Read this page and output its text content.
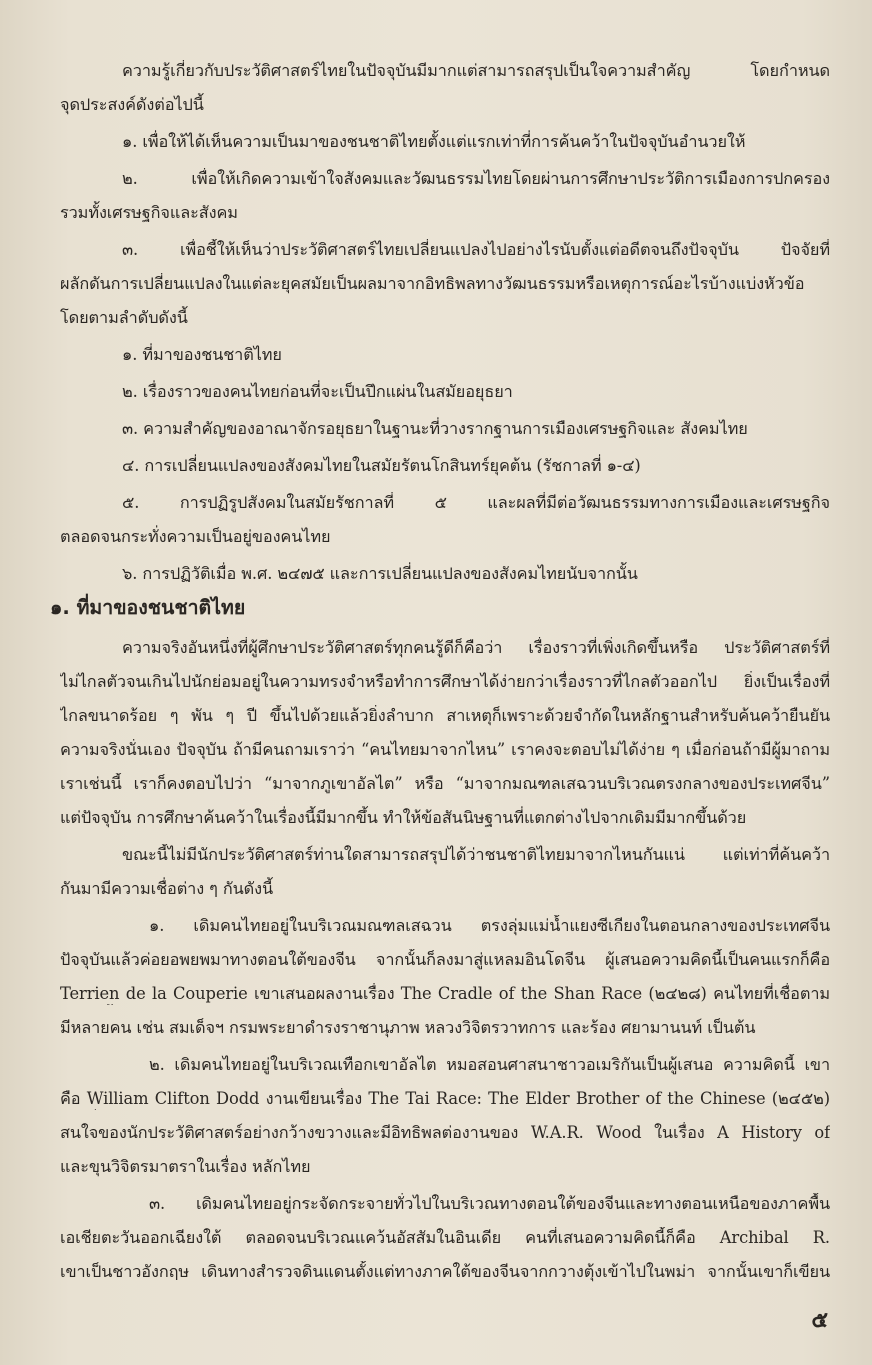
ความรู้เกี่ยวกับประวัติศาสตร์ไทยในปัจจุบันมีมากแต่สามารถสรุปเป็นใจความสำคัญ โดยกำหนด

จุดประสงค์ดังต่อไปนี้

๑. เพื่อให้ได้เห็นความเป็นมาของชนชาติไทยตั้งแต่แรกเท่าที่การค้นคว้าในปัจจุบันอำนวยให้

๒. เพื่อให้เกิดความเข้าใจสังคมและวัฒนธรรมไทยโดยผ่านการศึกษาประวัติการเมืองการปกครอง

รวมทั้งเศรษฐกิจและสังคม

๓. เพื่อชี้ให้เห็นว่าประวัติศาสตร์ไทยเปลี่ยนแปลงไปอย่างไรนับตั้งแต่อดีตจนถึงปัจจุบัน ปัจจัยที่

ผลักดันการเปลี่ยนแปลงในแต่ละยุคสมัยเป็นผลมาจากอิทธิพลทางวัฒนธรรมหรือเหตุการณ์อะไรบ้างแบ่งหัวข้อ

โดยตามลำดับดังนี้

๑. ที่มาของชนชาติไทย

๒. เรื่องราวของคนไทยก่อนที่จะเป็นปึกแผ่นในสมัยอยุธยา

๓. ความสำคัญของอาณาจักรอยุธยาในฐานะที่วางรากฐานการเมืองเศรษฐกิจและ สังคมไทย

๔. การเปลี่ยนแปลงของสังคมไทยในสมัยรัตนโกสินทร์ยุคต้น (รัชกาลที่ ๑-๔)

๕. การปฏิรูปสังคมในสมัยรัชกาลที่ ๕ และผลที่มีต่อวัฒนธรรมทางการเมืองและเศรษฐกิจ

ตลอดจนกระทั่งความเป็นอยู่ของคนไทย

๖. การปฏิวัติเมื่อ พ.ศ. ๒๔๗๕ และการเปลี่ยนแปลงของสังคมไทยนับจากนั้น

๑. ที่มาของชนชาติไทย

ความจริงอันหนึ่งที่ผู้ศึกษาประวัติศาสตร์ทุกคนรู้ดีก็คือว่า เรื่องราวที่เพิ่งเกิดขึ้นหรือ ประวัติศาสตร์ที่

ไม่ไกลตัวจนเกินไปนักย่อมอยู่ในความทรงจำหรือทำการศึกษาได้ง่ายกว่าเรื่องราวที่ไกลตัวออกไป ยิ่งเป็นเรื่องที่

ไกลขนาดร้อย ๆ พัน ๆ ปี ขึ้นไปด้วยแล้วยิ่งลำบาก สาเหตุก็เพราะด้วยจำกัดในหลักฐานสำหรับค้นคว้ายืนยัน

ความจริงนั่นเอง ปัจจุบัน ถ้ามีคนถามเราว่า “คนไทยมาจากไหน” เราคงจะตอบไม่ได้ง่าย ๆ เมื่อก่อนถ้ามีผู้มาถาม

เราเช่นนี้ เราก็คงตอบไปว่า “มาจากภูเขาอัลไต” หรือ “มาจากมณฑลเสฉวนบริเวณตรงกลางของประเทศจีน”

แต่ปัจจุบัน การศึกษาค้นคว้าในเรื่องนี้มีมากขึ้น ทำให้ข้อสันนิษฐานที่แตกต่างไปจากเดิมมีมากขึ้นด้วย

ขณะนี้ไม่มีนักประวัติศาสตร์ท่านใดสามารถสรุปได้ว่าชนชาติไทยมาจากไหนกันแน่ แต่เท่าที่ค้นคว้า

กันมามีความเชื่อต่าง ๆ กันดังนี้

๑. เดิมคนไทยอยู่ในบริเวณมณฑลเสฉวน ตรงลุ่มแม่น้ำแยงซีเกียงในตอนกลางของประเทศจีน

ปัจจุบันแล้วค่อยอพยพมาทางตอนใต้ของจีน จากนั้นก็ลงมาสู่แหลมอินโดจีน ผู้เสนอความคิดนี้เป็นคนแรกก็คือ

Terrien de la Couperie เขาเสนอผลงานเรื่อง The Cradle of the Shan Race (๒๔๒๘) คนไทยที่เชื่อตาม

มีหลายคน เช่น สมเด็จฯ กรมพระยาดำรงราชานุภาพ หลวงวิจิตรวาทการ และร้อง ศยามานนท์ เป็นต้น

๒. เดิมคนไทยอยู่ในบริเวณเทือกเขาอัลไต หมอสอนศาสนาชาวอเมริกันเป็นผู้เสนอ ความคิดนี้ เขา

คือ William Clifton Dodd งานเขียนเรื่อง The Tai Race: The Elder Brother of the Chinese (๒๔๕๒)

สนใจของนักประวัติศาสตร์อย่างกว้างขวางและมีอิทธิพลต่องานของ W.A.R. Wood ในเรื่อง A History of

และขุนวิจิตรมาตราในเรื่อง หลักไทย

๓. เดิมคนไทยอยู่กระจัดกระจายทั่วไปในบริเวณทางตอนใต้ของจีนและทางตอนเหนือของภาคพื้น

เอเชียตะวันออกเฉียงใต้ ตลอดจนบริเวณแคว้นอัสสัมในอินเดีย คนที่เสนอความคิดนี้ก็คือ Archibal R.

เขาเป็นชาวอังกฤษ เดินทางสำรวจดินแดนตั้งแต่ทางภาคใต้ของจีนจากกวางตุ้งเข้าไปในพม่า จากนั้นเขาก็เขียน

๕
